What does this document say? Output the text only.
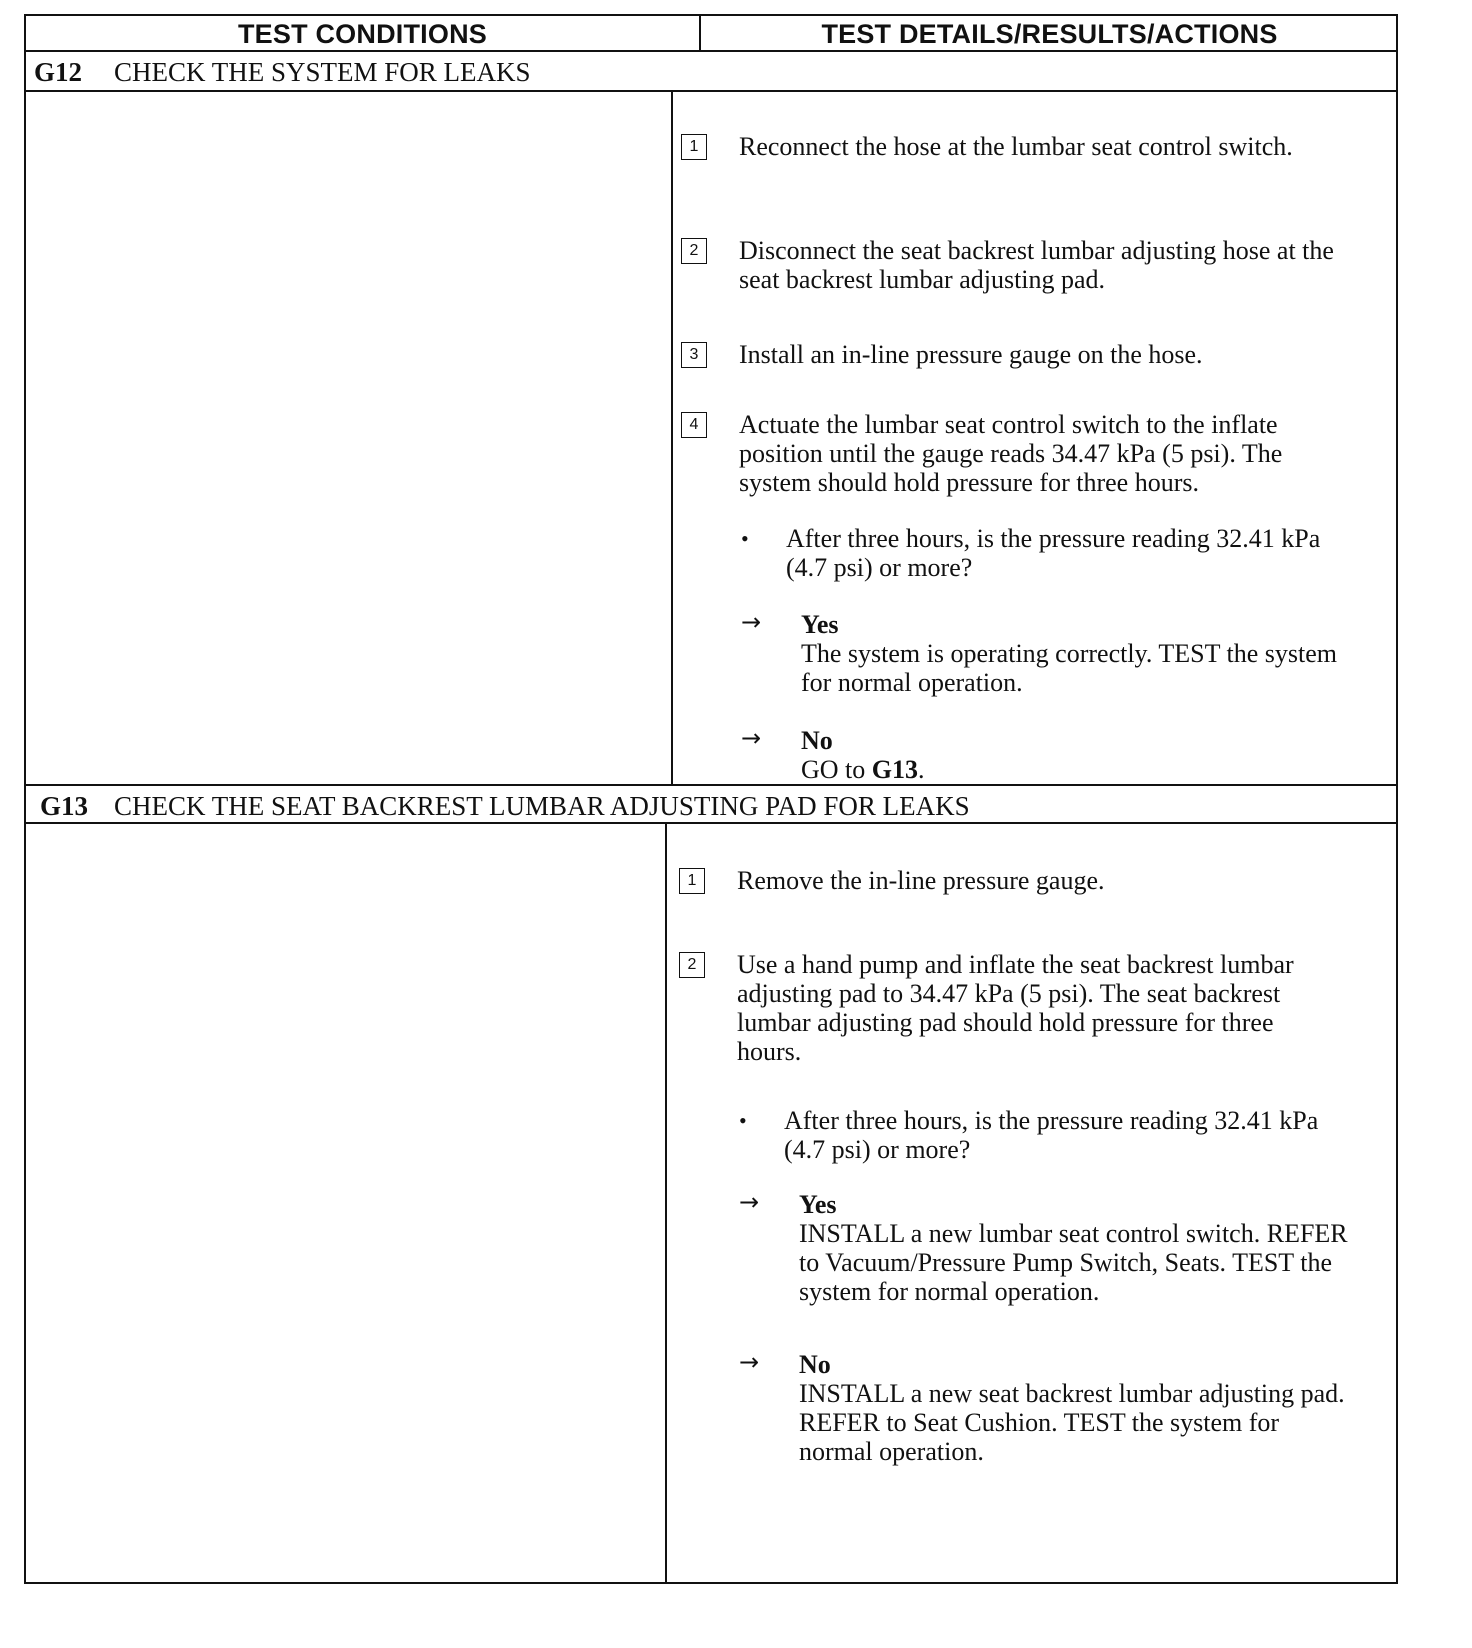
TEST CONDITIONS	TEST DETAILS/RESULTS/ACTIONS
G12 CHECK THE SYSTEM FOR LEAKS
1	Reconnect the hose at the lumbar seat control switch.
2	Disconnect the seat backrest lumbar adjusting hose at the seat backrest lumbar adjusting pad.
3	Install an in-line pressure gauge on the hose.
4	Actuate the lumbar seat control switch to the inflate position until the gauge reads 34.47 kPa (5 psi). The system should hold pressure for three hours.
• After three hours, is the pressure reading 32.41 kPa (4.7 psi) or more?
→ Yes
The system is operating correctly. TEST the system for normal operation.
→ No
GO to G13.
G13 CHECK THE SEAT BACKREST LUMBAR ADJUSTING PAD FOR LEAKS
1	Remove the in-line pressure gauge.
2	Use a hand pump and inflate the seat backrest lumbar adjusting pad to 34.47 kPa (5 psi). The seat backrest lumbar adjusting pad should hold pressure for three hours.
• After three hours, is the pressure reading 32.41 kPa (4.7 psi) or more?
→ Yes
INSTALL a new lumbar seat control switch. REFER to Vacuum/Pressure Pump Switch, Seats. TEST the system for normal operation.
→ No
INSTALL a new seat backrest lumbar adjusting pad. REFER to Seat Cushion. TEST the system for normal operation.
